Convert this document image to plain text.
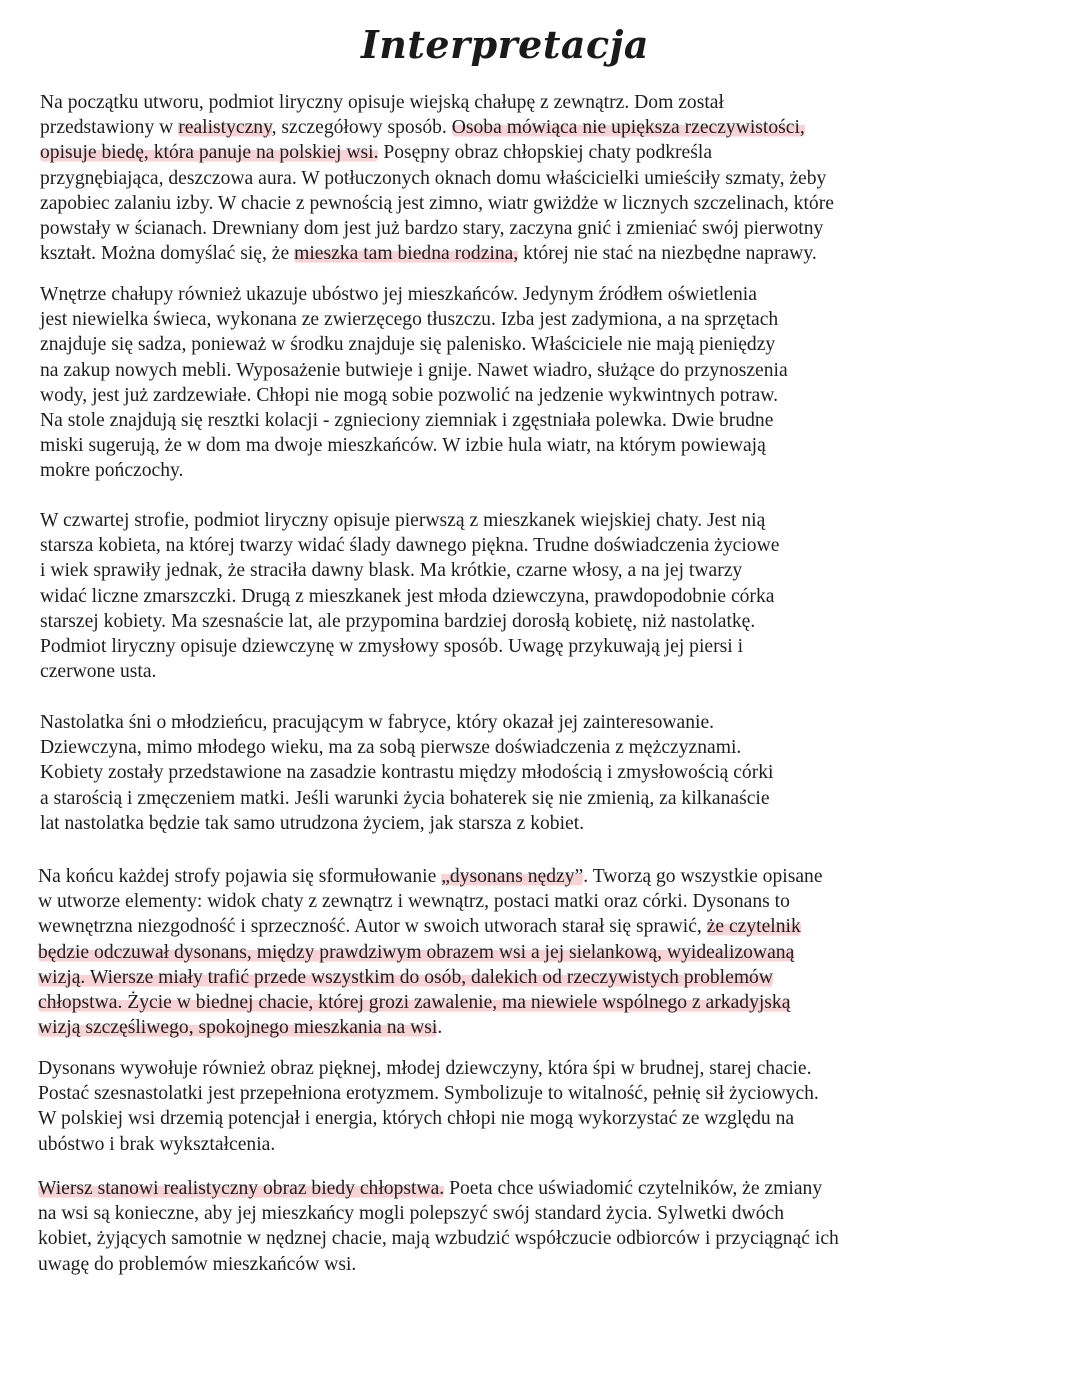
Interpretacja

Na początku utworu, podmiot liryczny opisuje wiejską chałupę z zewnątrz. Dom został
przedstawiony w realistyczny, szczegółowy sposób. Osoba mówiąca nie upiększa rzeczywistości,
opisuje biedę, która panuje na polskiej wsi. Posępny obraz chłopskiej chaty podkreśla
przygnębiająca, deszczowa aura. W potłuczonych oknach domu właścicielki umieściły szmaty, żeby
zapobiec zalaniu izby. W chacie z pewnością jest zimno, wiatr gwiżdże w licznych szczelinach, które
powstały w ścianach. Drewniany dom jest już bardzo stary, zaczyna gnić i zmieniać swój pierwotny
kształt. Można domyślać się, że mieszka tam biedna rodzina, której nie stać na niezbędne naprawy.

Wnętrze chałupy również ukazuje ubóstwo jej mieszkańców. Jedynym źródłem oświetlenia
jest niewielka świeca, wykonana ze zwierzęcego tłuszczu. Izba jest zadymiona, a na sprzętach
znajduje się sadza, ponieważ w środku znajduje się palenisko. Właściciele nie mają pieniędzy
na zakup nowych mebli. Wyposażenie butwieje i gnije. Nawet wiadro, służące do przynoszenia
wody, jest już zardzewiałe. Chłopi nie mogą sobie pozwolić na jedzenie wykwintnych potraw.
Na stole znajdują się resztki kolacji - zgnieciony ziemniak i zgęstniała polewka. Dwie brudne
miski sugerują, że w dom ma dwoje mieszkańców. W izbie hula wiatr, na którym powiewają
mokre pończochy.

W czwartej strofie, podmiot liryczny opisuje pierwszą z mieszkanek wiejskiej chaty. Jest nią
starsza kobieta, na której twarzy widać ślady dawnego piękna. Trudne doświadczenia życiowe
i wiek sprawiły jednak, że straciła dawny blask. Ma krótkie, czarne włosy, a na jej twarzy
widać liczne zmarszczki. Drugą z mieszkanek jest młoda dziewczyna, prawdopodobnie córka
starszej kobiety. Ma szesnaście lat, ale przypomina bardziej dorosłą kobietę, niż nastolatkę.
Podmiot liryczny opisuje dziewczynę w zmysłowy sposób. Uwagę przykuwają jej piersi i
czerwone usta.

Nastolatka śni o młodzieńcu, pracującym w fabryce, który okazał jej zainteresowanie.
Dziewczyna, mimo młodego wieku, ma za sobą pierwsze doświadczenia z mężczyznami.
Kobiety zostały przedstawione na zasadzie kontrastu między młodością i zmysłowością córki
a starością i zmęczeniem matki. Jeśli warunki życia bohaterek się nie zmienią, za kilkanaście
lat nastolatka będzie tak samo utrudzona życiem, jak starsza z kobiet.

Na końcu każdej strofy pojawia się sformułowanie „dysonans nędzy”. Tworzą go wszystkie opisane
w utworze elementy: widok chaty z zewnątrz i wewnątrz, postaci matki oraz córki. Dysonans to
wewnętrzna niezgodność i sprzeczność. Autor w swoich utworach starał się sprawić, że czytelnik
będzie odczuwał dysonans, między prawdziwym obrazem wsi a jej sielankową, wyidealizowaną
wizją. Wiersze miały trafić przede wszystkim do osób, dalekich od rzeczywistych problemów
chłopstwa. Życie w biednej chacie, której grozi zawalenie, ma niewiele wspólnego z arkadyjską
wizją szczęśliwego, spokojnego mieszkania na wsi.

Dysonans wywołuje również obraz pięknej, młodej dziewczyny, która śpi w brudnej, starej chacie.
Postać szesnastolatki jest przepełniona erotyzmem. Symbolizuje to witalność, pełnię sił życiowych.
W polskiej wsi drzemią potencjał i energia, których chłopi nie mogą wykorzystać ze względu na
ubóstwo i brak wykształcenia.

Wiersz stanowi realistyczny obraz biedy chłopstwa. Poeta chce uświadomić czytelników, że zmiany
na wsi są konieczne, aby jej mieszkańcy mogli polepszyć swój standard życia. Sylwetki dwóch
kobiet, żyjących samotnie w nędznej chacie, mają wzbudzić współczucie odbiorców i przyciągnąć ich
uwagę do problemów mieszkańców wsi.
